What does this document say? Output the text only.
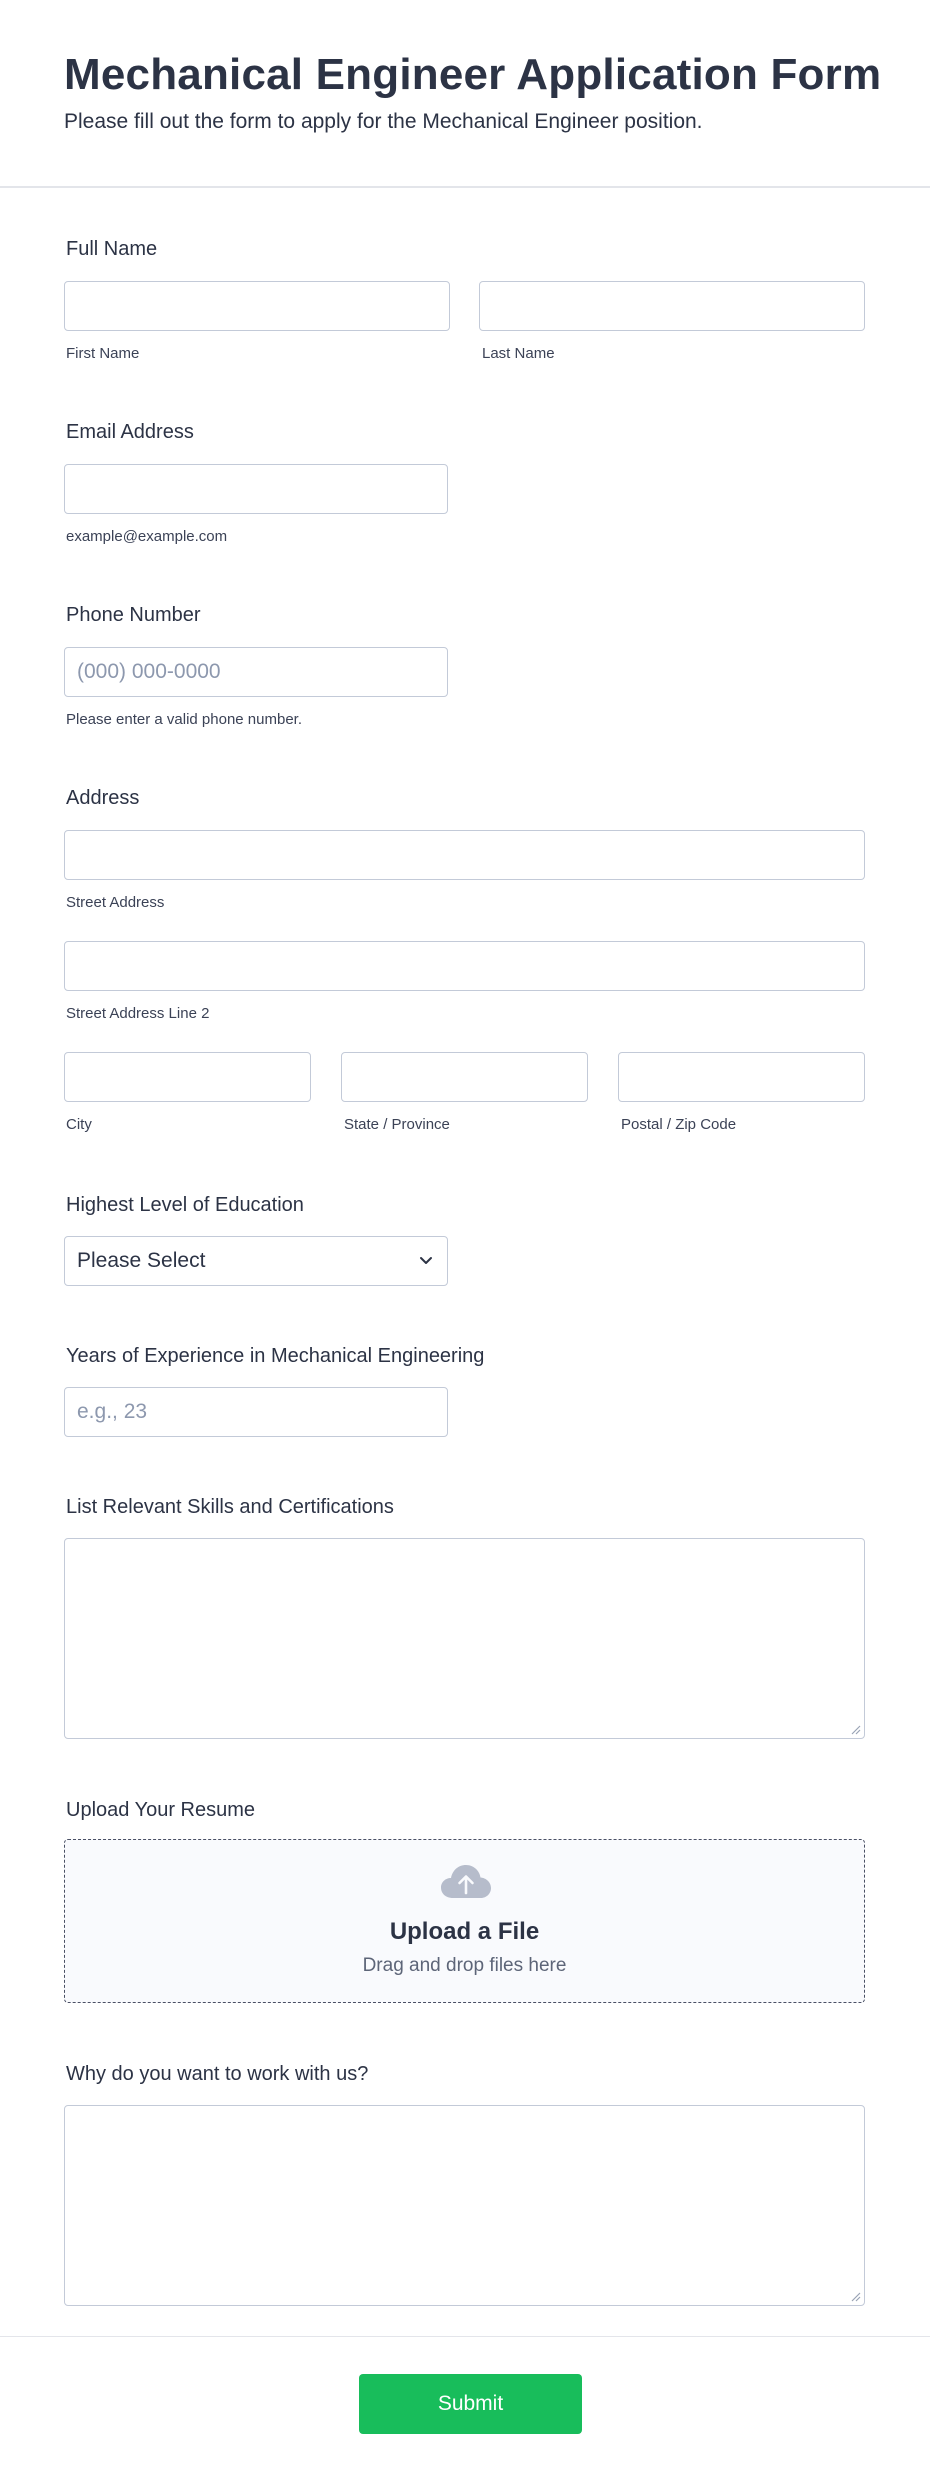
Mechanical Engineer Application Form

Please fill out the form to apply for the Mechanical Engineer position.

Full Name
First Name	Last Name
Email Address
example@example.com
Phone Number
(000) 000-0000
Please enter a valid phone number.
Address
Street Address
Street Address Line 2
City	State / Province	Postal / Zip Code
Highest Level of Education
Please Select
Years of Experience in Mechanical Engineering
e.g., 23
List Relevant Skills and Certifications
Upload Your Resume
Upload a File
Drag and drop files here
Why do you want to work with us?
Submit
